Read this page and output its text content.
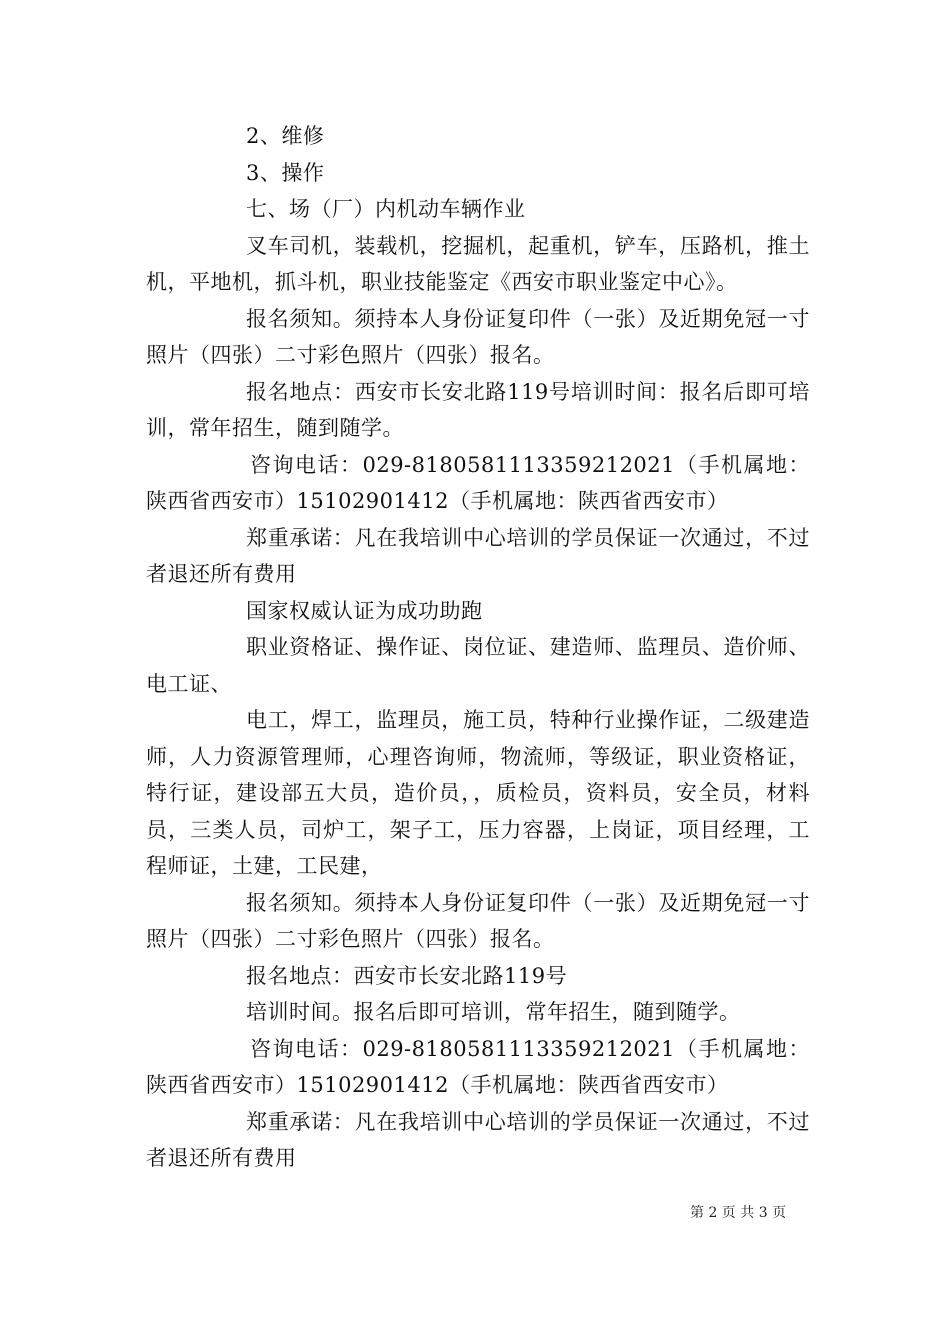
2、维修

3、操作

七、场（厂）内机动车辆作业

叉车司机，装载机，挖掘机，起重机，铲车，压路机，推土机，平地机，抓斗机，职业技能鉴定《西安市职业鉴定中心》。

报名须知。须持本人身份证复印件（一张）及近期免冠一寸照片（四张）二寸彩色照片（四张）报名。

报名地点：西安市长安北路119号培训时间：报名后即可培训，常年招生，随到随学。

咨询电话：029-8180581113359212021（手机属地：陕西省西安市）15102901412（手机属地：陕西省西安市）

郑重承诺：凡在我培训中心培训的学员保证一次通过，不过者退还所有费用

国家权威认证为成功助跑

职业资格证、操作证、岗位证、建造师、监理员、造价师、电工证、

电工，焊工，监理员，施工员，特种行业操作证，二级建造师，人力资源管理师，心理咨询师，物流师，等级证，职业资格证，特行证，建设部五大员，造价员，，质检员，资料员，安全员，材料员，三类人员，司炉工，架子工，压力容器，上岗证，项目经理，工程师证，土建，工民建，

报名须知。须持本人身份证复印件（一张）及近期免冠一寸照片（四张）二寸彩色照片（四张）报名。

报名地点：西安市长安北路119号

培训时间。报名后即可培训，常年招生，随到随学。

咨询电话：029-8180581113359212021（手机属地：陕西省西安市）15102901412（手机属地：陕西省西安市）

郑重承诺：凡在我培训中心培训的学员保证一次通过，不过者退还所有费用

第 2 页 共 3 页
